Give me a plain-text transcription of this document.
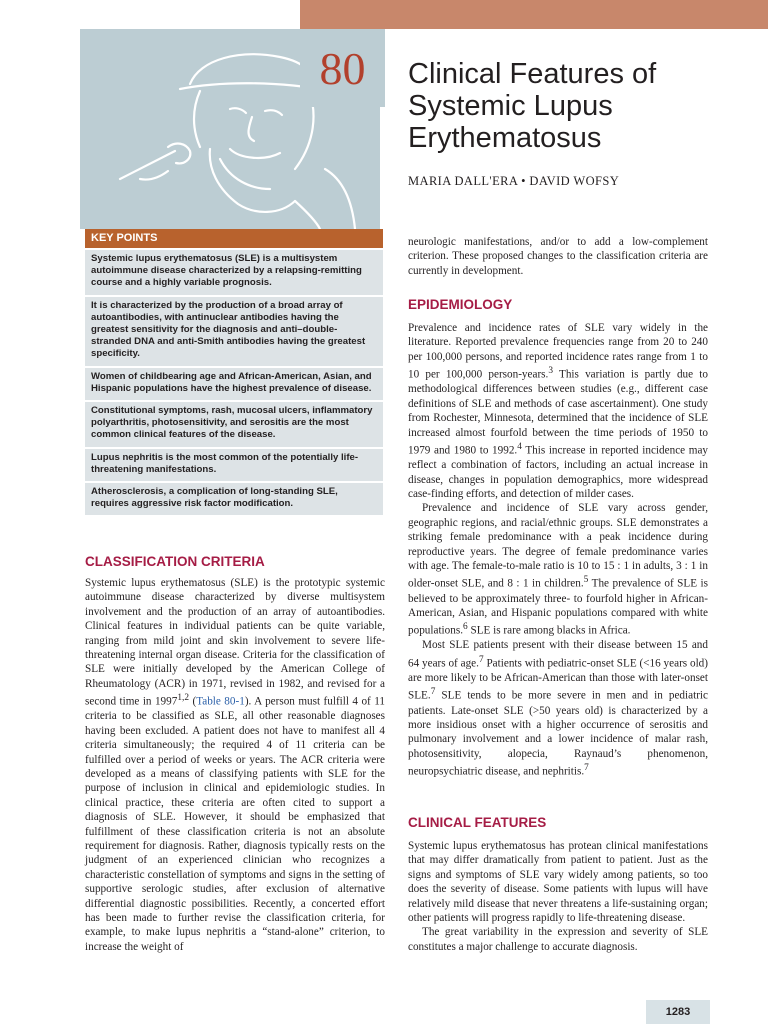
80	Clinical Features of
Systemic Lupus
Erythematosus
MARIA DALL'ERA • DAVID WOFSY
KEY POINTS
Systemic lupus erythematosus (SLE) is a multisystem autoimmune disease characterized by a relapsing-remitting course and a highly variable prognosis.
It is characterized by the production of a broad array of autoantibodies, with antinuclear antibodies having the greatest sensitivity for the diagnosis and anti–double-stranded DNA and anti-Smith antibodies having the greatest specificity.
Women of childbearing age and African-American, Asian, and Hispanic populations have the highest prevalence of disease.
Constitutional symptoms, rash, mucosal ulcers, inflammatory polyarthritis, photosensitivity, and serositis are the most common clinical features of the disease.
Lupus nephritis is the most common of the potentially life-threatening manifestations.
Atherosclerosis, a complication of long-standing SLE, requires aggressive risk factor modification.
CLASSIFICATION CRITERIA

Systemic lupus erythematosus (SLE) is the prototypic systemic autoimmune disease characterized by diverse multisystem involvement and the production of an array of autoantibodies. Clinical features in individual patients can be quite variable, ranging from mild joint and skin involvement to severe life-threatening internal organ disease. Criteria for the classification of SLE were initially developed by the American College of Rheumatology (ACR) in 1971, revised in 1982, and revised for a second time in 1997$^{1,2}$ (Table 80-1). A person must fulfill 4 of 11 criteria to be classified as SLE, all other reasonable diagnoses having been excluded. A patient does not have to manifest all 4 criteria simultaneously; the required 4 of 11 criteria can be fulfilled over a period of weeks or years. The ACR criteria were developed as a means of classifying patients with SLE for the purpose of inclusion in clinical and epidemiologic studies. In clinical practice, these criteria are often cited to support a diagnosis of SLE. However, it should be emphasized that fulfillment of these classification criteria is not an absolute requirement for diagnosis. Rather, diagnosis typically rests on the judgment of an experienced clinician who recognizes a characteristic constellation of symptoms and signs in the setting of supportive serologic studies, after exclusion of alternative differential diagnostic possibilities. Recently, a concerted effort has been made to further revise the classification criteria, for example, to make lupus nephritis a “stand-alone” criterion, to increase the weight of

neurologic manifestations, and/or to add a low-complement criterion. These proposed changes to the classification criteria are currently in development.

EPIDEMIOLOGY

Prevalence and incidence rates of SLE vary widely in the literature. Reported prevalence frequencies range from 20 to 240 per 100,000 persons, and reported incidence rates range from 1 to 10 per 100,000 person-years.$^3$ This variation is partly due to methodological differences between studies (e.g., different case definitions of SLE and methods of case ascertainment). One study from Rochester, Minnesota, determined that the incidence of SLE increased almost fourfold between the time periods of 1950 to 1979 and 1980 to 1992.$^4$ This increase in reported incidence may reflect a combination of factors, including an actual increase in disease, changes in population demographics, more widespread case-finding efforts, and detection of milder cases.

Prevalence and incidence of SLE vary across gender, geographic regions, and racial/ethnic groups. SLE demonstrates a striking female predominance with a peak incidence during reproductive years. The degree of female predominance varies with age. The female-to-male ratio is 10 to 15 : 1 in adults, 3 : 1 in older-onset SLE, and 8 : 1 in children.$^5$ The prevalence of SLE is believed to be approximately three- to fourfold higher in African-American, Asian, and Hispanic populations compared with white populations.$^6$ SLE is rare among blacks in Africa.

Most SLE patients present with their disease between 15 and 64 years of age.$^7$ Patients with pediatric-onset SLE (<16 years old) are more likely to be African-American than those with later-onset SLE.$^7$ SLE tends to be more severe in men and in pediatric patients. Late-onset SLE (>50 years old) is characterized by a more insidious onset with a higher occurrence of serositis and pulmonary involvement and a lower incidence of malar rash, photosensitivity, alopecia, Raynaud’s phenomenon, neuropsychiatric disease, and nephritis.$^7$

CLINICAL FEATURES

Systemic lupus erythematosus has protean clinical manifestations that may differ dramatically from patient to patient. Just as the signs and symptoms of SLE vary widely among patients, so too does the severity of disease. Some patients with lupus will have relatively mild disease that never threatens a life-sustaining organ; other patients will progress rapidly to life-threatening disease.

The great variability in the expression and severity of SLE constitutes a major challenge to accurate diagnosis.

1283
